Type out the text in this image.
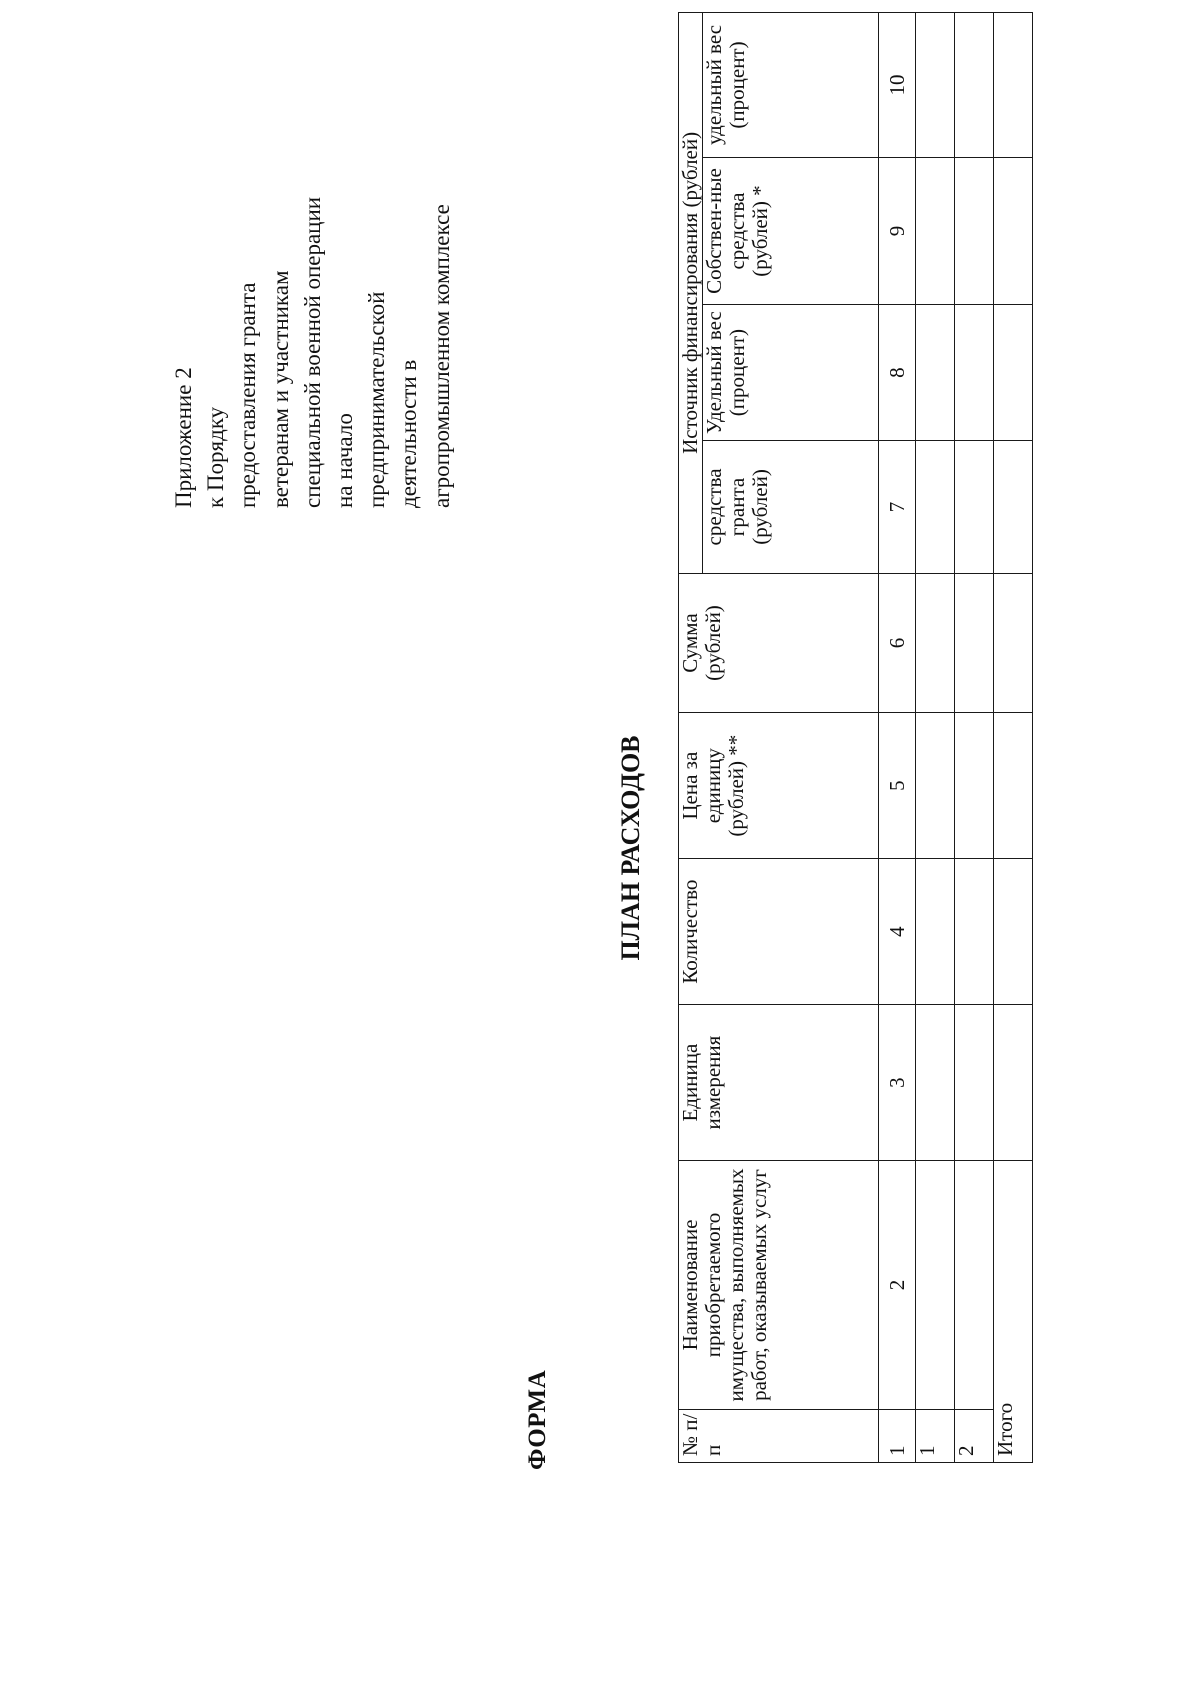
Приложение 2 к Порядку предоставления гранта ветеранам и участникам специальной военной операции на начало предпринимательской деятельности в агропромышленном комплексе
ФОРМА
ПЛАН РАСХОДОВ
№ п/п	Наименование приобретаемого имущества, выполняемых работ, оказываемых услуг	Единица измерения	Количество	Цена за единицу (рублей) **	Сумма (рублей)	Источник финансирования (рублей)			
						средства гранта (рублей)	Удельный вес (процент)	Собствен-ные средства (рублей) *	удельный вес (процент)
1	2	3	4	5	6	7	8	9	10
1									
2									
Итого									
